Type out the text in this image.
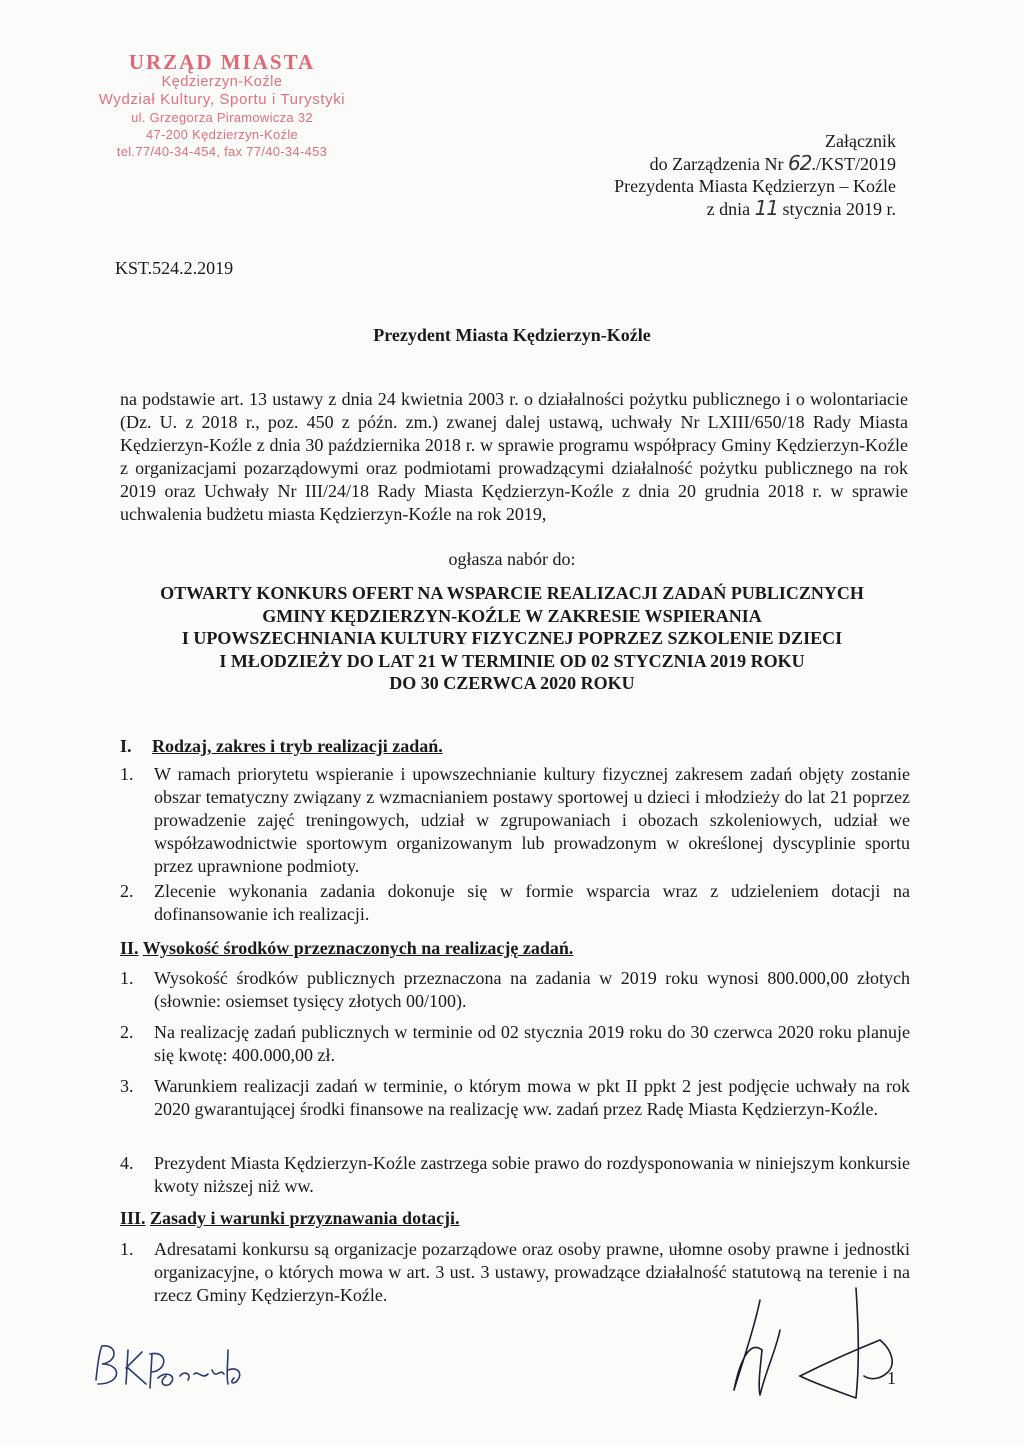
URZĄD MIASTA
Kędzierzyn-Koźle
Wydział Kultury, Sportu i Turystyki
ul. Grzegorza Piramowicza 32
47-200 Kędzierzyn-Koźle
tel.77/40-34-454, fax 77/40-34-453
Załącznik
do Zarządzenia Nr 62./KST/2019
Prezydenta Miasta Kędzierzyn – Koźle
z dnia 11 stycznia 2019 r.
KST.524.2.2019
Prezydent Miasta Kędzierzyn-Koźle
na podstawie art. 13 ustawy z dnia 24 kwietnia 2003 r. o działalności pożytku publicznego i o wolontariacie (Dz. U. z 2018 r., poz. 450 z późn. zm.) zwanej dalej ustawą, uchwały Nr LXIII/650/18 Rady Miasta Kędzierzyn-Koźle z dnia 30 października 2018 r. w sprawie programu współpracy Gminy Kędzierzyn-Koźle z organizacjami pozarządowymi oraz podmiotami prowadzącymi działalność pożytku publicznego na rok 2019 oraz Uchwały Nr III/24/18 Rady Miasta Kędzierzyn-Koźle z dnia 20 grudnia 2018 r. w sprawie uchwalenia budżetu miasta Kędzierzyn-Koźle na rok 2019,
ogłasza nabór do:
OTWARTY KONKURS OFERT NA WSPARCIE REALIZACJI ZADAŃ PUBLICZNYCH
GMINY KĘDZIERZYN-KOŹLE W ZAKRESIE WSPIERANIA
I UPOWSZECHNIANIA KULTURY FIZYCZNEJ POPRZEZ SZKOLENIE DZIECI
I MŁODZIEŻY DO LAT 21 W TERMINIE OD 02 STYCZNIA 2019 ROKU
DO 30 CZERWCA 2020 ROKU
I. Rodzaj, zakres i tryb realizacji zadań.
1.	W ramach priorytetu wspieranie i upowszechnianie kultury fizycznej zakresem zadań objęty zostanie obszar tematyczny związany z wzmacnianiem postawy sportowej u dzieci i młodzieży do lat 21 poprzez prowadzenie zajęć treningowych, udział w zgrupowaniach i obozach szkoleniowych, udział we współzawodnictwie sportowym organizowanym lub prowadzonym w określonej dyscyplinie sportu przez uprawnione podmioty.
2.	Zlecenie wykonania zadania dokonuje się w formie wsparcia wraz z udzieleniem dotacji na dofinansowanie ich realizacji.
II. Wysokość środków przeznaczonych na realizację zadań.
1.	Wysokość środków publicznych przeznaczona na zadania w 2019 roku wynosi 800.000,00 złotych (słownie: osiemset tysięcy złotych 00/100).
2.	Na realizację zadań publicznych w terminie od 02 stycznia 2019 roku do 30 czerwca 2020 roku planuje się kwotę: 400.000,00 zł.
3.	Warunkiem realizacji zadań w terminie, o którym mowa w pkt II ppkt 2 jest podjęcie uchwały na rok 2020 gwarantującej środki finansowe na realizację ww. zadań przez Radę Miasta Kędzierzyn-Koźle.
4.	Prezydent Miasta Kędzierzyn-Koźle zastrzega sobie prawo do rozdysponowania w niniejszym konkursie kwoty niższej niż ww.
III. Zasady i warunki przyznawania dotacji.
1.	Adresatami konkursu są organizacje pozarządowe oraz osoby prawne, ułomne osoby prawne i jednostki organizacyjne, o których mowa w art. 3 ust. 3 ustawy, prowadzące działalność statutową na terenie i na rzecz Gminy Kędzierzyn-Koźle.
1
